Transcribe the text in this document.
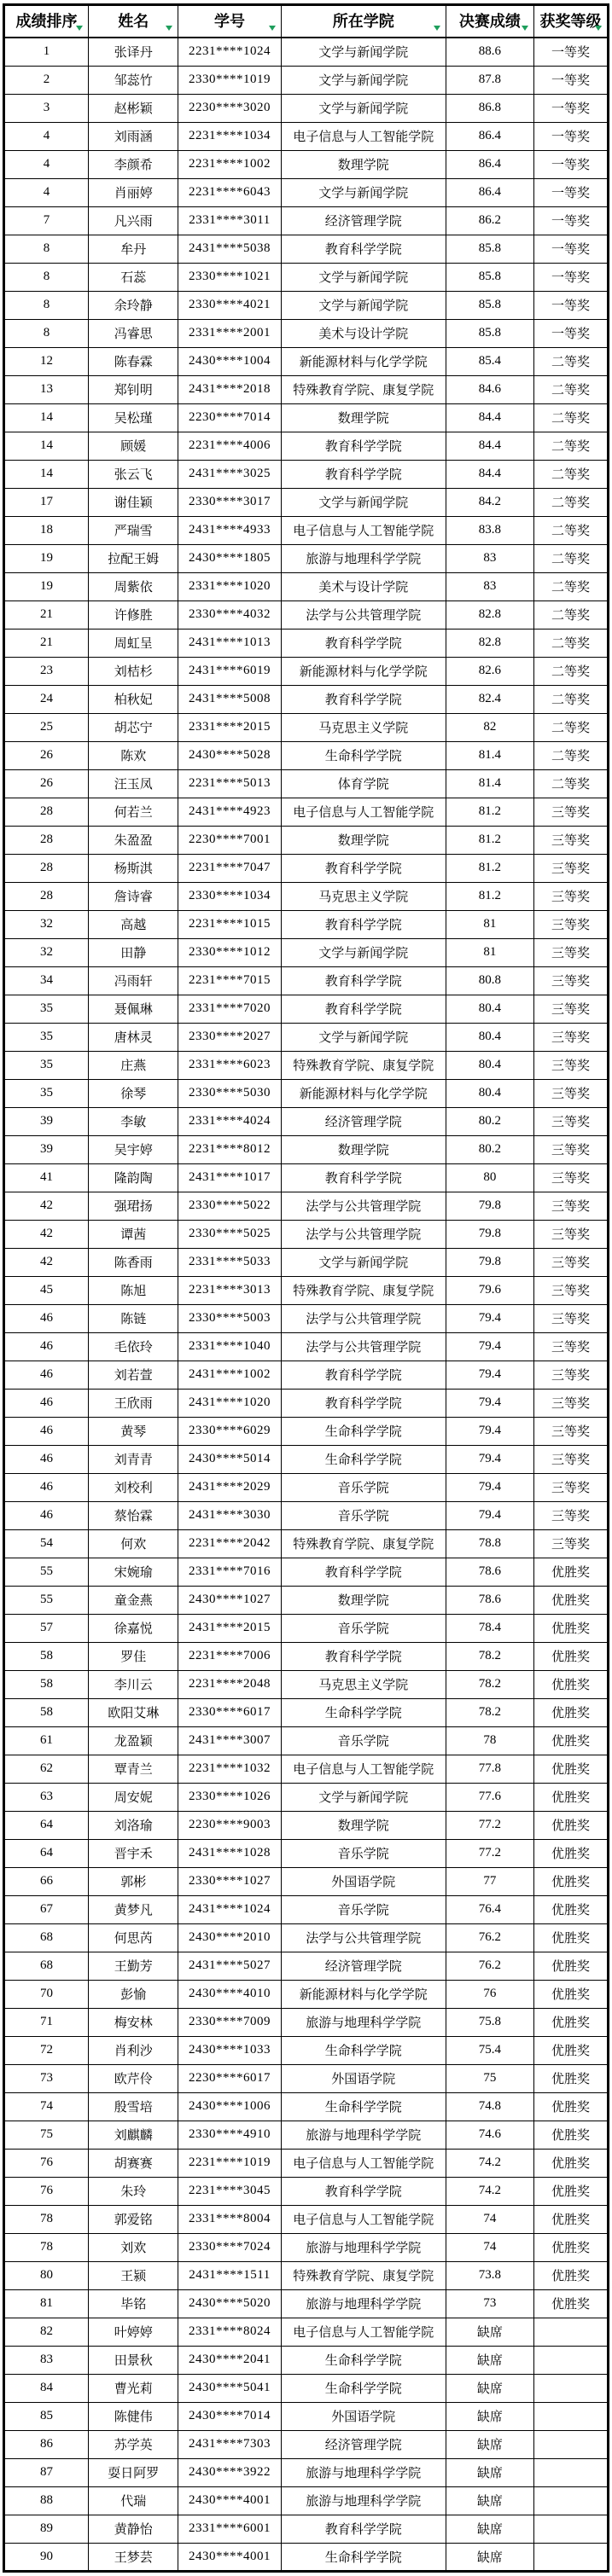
成绩排序	姓名	学号	所在学院	决赛成绩	获奖等级

1	张译丹	2231****1024	文学与新闻学院	88.6	一等奖
2	邹蕊竹	2330****1019	文学与新闻学院	87.8	一等奖
3	赵彬颖	2230****3020	文学与新闻学院	86.8	一等奖
4	刘雨涵	2231****1034	电子信息与人工智能学院	86.4	一等奖
4	李颜希	2231****1002	数理学院	86.4	一等奖
4	肖丽婷	2231****6043	文学与新闻学院	86.4	一等奖
7	凡兴雨	2331****3011	经济管理学院	86.2	一等奖
8	牟丹	2431****5038	教育科学学院	85.8	一等奖
8	石蕊	2330****1021	文学与新闻学院	85.8	一等奖
8	余玲静	2330****4021	文学与新闻学院	85.8	一等奖
8	冯睿思	2331****2001	美术与设计学院	85.8	一等奖
12	陈春霖	2430****1004	新能源材料与化学学院	85.4	二等奖
13	郑钊明	2431****2018	特殊教育学院、康复学院	84.6	二等奖
14	吴松瑾	2230****7014	数理学院	84.4	二等奖
14	顾媛	2231****4006	教育科学学院	84.4	二等奖
14	张云飞	2431****3025	教育科学学院	84.4	二等奖
17	谢佳颖	2330****3017	文学与新闻学院	84.2	二等奖
18	严瑞雪	2431****4933	电子信息与人工智能学院	83.8	二等奖
19	拉配王姆	2430****1805	旅游与地理科学学院	83	二等奖
19	周紫依	2331****1020	美术与设计学院	83	二等奖
21	许修胜	2330****4032	法学与公共管理学院	82.8	二等奖
21	周虹呈	2431****1013	教育科学学院	82.8	二等奖
23	刘桔杉	2431****6019	新能源材料与化学学院	82.6	二等奖
24	柏秋妃	2431****5008	教育科学学院	82.4	二等奖
25	胡芯宁	2331****2015	马克思主义学院	82	二等奖
26	陈欢	2430****5028	生命科学学院	81.4	二等奖
26	汪玉凤	2231****5013	体育学院	81.4	二等奖
28	何若兰	2431****4923	电子信息与人工智能学院	81.2	三等奖
28	朱盈盈	2230****7001	数理学院	81.2	三等奖
28	杨斯淇	2231****7047	教育科学学院	81.2	三等奖
28	詹诗睿	2330****1034	马克思主义学院	81.2	三等奖
32	高越	2231****1015	教育科学学院	81	三等奖
32	田静	2330****1012	文学与新闻学院	81	三等奖
34	冯雨轩	2231****7015	教育科学学院	80.8	三等奖
35	聂佩琳	2331****7020	教育科学学院	80.4	三等奖
35	唐林灵	2330****2027	文学与新闻学院	80.4	三等奖
35	庄燕	2331****6023	特殊教育学院、康复学院	80.4	三等奖
35	徐琴	2330****5030	新能源材料与化学学院	80.4	三等奖
39	李敏	2331****4024	经济管理学院	80.2	三等奖
39	吴宇婷	2231****8012	数理学院	80.2	三等奖
41	隆韵陶	2431****1017	教育科学学院	80	三等奖
42	强珺扬	2330****5022	法学与公共管理学院	79.8	三等奖
42	谭茜	2330****5025	法学与公共管理学院	79.8	三等奖
42	陈香雨	2331****5033	文学与新闻学院	79.8	三等奖
45	陈旭	2231****3013	特殊教育学院、康复学院	79.6	三等奖
46	陈链	2330****5003	法学与公共管理学院	79.4	三等奖
46	毛依玲	2331****1040	法学与公共管理学院	79.4	三等奖
46	刘若萱	2431****1002	教育科学学院	79.4	三等奖
46	王欣雨	2431****1020	教育科学学院	79.4	三等奖
46	黄琴	2330****6029	生命科学学院	79.4	三等奖
46	刘青青	2430****5014	生命科学学院	79.4	三等奖
46	刘校利	2431****2029	音乐学院	79.4	三等奖
46	蔡怡霖	2431****3030	音乐学院	79.4	三等奖
54	何欢	2231****2042	特殊教育学院、康复学院	78.8	三等奖
55	宋婉瑜	2331****7016	教育科学学院	78.6	优胜奖
55	童金燕	2430****1027	数理学院	78.6	优胜奖
57	徐嘉悦	2431****2015	音乐学院	78.4	优胜奖
58	罗佳	2231****7006	教育科学学院	78.2	优胜奖
58	李川云	2231****2048	马克思主义学院	78.2	优胜奖
58	欧阳艾琳	2330****6017	生命科学学院	78.2	优胜奖
61	龙盈颖	2431****3007	音乐学院	78	优胜奖
62	覃青兰	2231****1032	电子信息与人工智能学院	77.8	优胜奖
63	周安妮	2330****1026	文学与新闻学院	77.6	优胜奖
64	刘洛瑜	2230****9003	数理学院	77.2	优胜奖
64	晋宇禾	2431****1028	音乐学院	77.2	优胜奖
66	郭彬	2330****1027	外国语学院	77	优胜奖
67	黄梦凡	2431****1024	音乐学院	76.4	优胜奖
68	何思芮	2430****2010	法学与公共管理学院	76.2	优胜奖
68	王勤芳	2431****5027	经济管理学院	76.2	优胜奖
70	彭愉	2430****4010	新能源材料与化学学院	76	优胜奖
71	梅安林	2330****7009	旅游与地理科学学院	75.8	优胜奖
72	肖利沙	2430****1033	生命科学学院	75.4	优胜奖
73	欧芹伶	2230****6017	外国语学院	75	优胜奖
74	殷雪培	2430****1006	生命科学学院	74.8	优胜奖
75	刘麒麟	2330****4910	旅游与地理科学学院	74.6	优胜奖
76	胡赛赛	2231****1019	电子信息与人工智能学院	74.2	优胜奖
76	朱玲	2231****3045	教育科学学院	74.2	优胜奖
78	郭爱铭	2331****8004	电子信息与人工智能学院	74	优胜奖
78	刘欢	2330****7024	旅游与地理科学学院	74	优胜奖
80	王颍	2431****1511	特殊教育学院、康复学院	73.8	优胜奖
81	毕铭	2430****5020	旅游与地理科学学院	73	优胜奖
82	叶婷婷	2331****8024	电子信息与人工智能学院	缺席	
83	田景秋	2430****2041	生命科学学院	缺席	
84	曹光莉	2430****5041	生命科学学院	缺席	
85	陈健伟	2430****7014	外国语学院	缺席	
86	苏学英	2431****7303	经济管理学院	缺席	
87	耍日阿罗	2430****3922	旅游与地理科学学院	缺席	
88	代瑞	2430****4001	旅游与地理科学学院	缺席	
89	黄静怡	2331****6001	教育科学学院	缺席	
90	王梦芸	2430****4001	生命科学学院	缺席	
